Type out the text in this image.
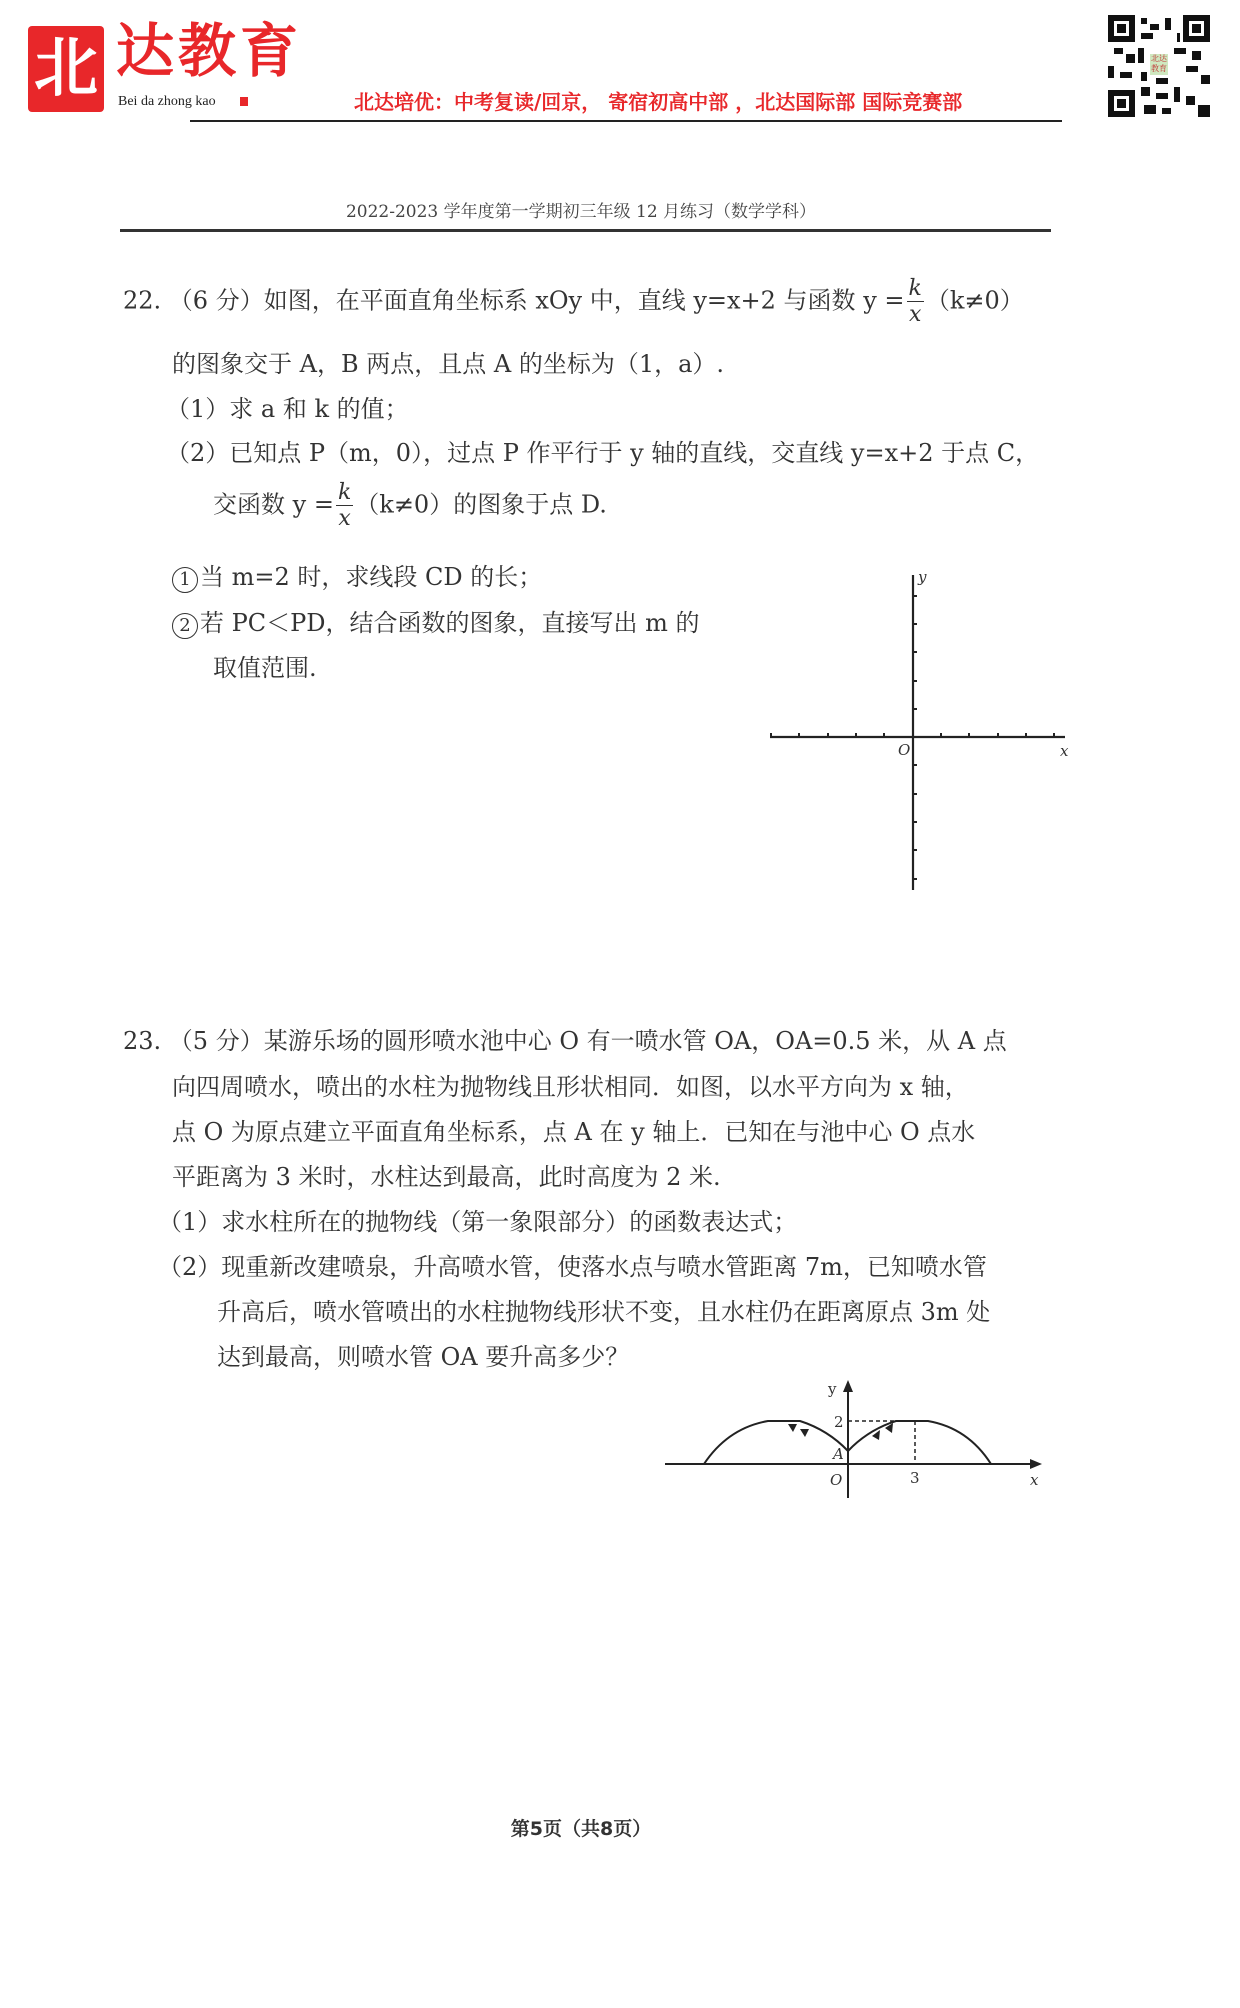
北 达教育
Bei da zhong kao	北达培优：中考复读/回京， 寄宿初高中部 ，北达国际部 国际竞赛部
北达教育
2022-2023 学年度第一学期初三年级 12 月练习（数学学科）
22. （6 分）如图，在平面直角坐标系 xOy 中，直线 y=x+2 与函数 $y = \frac{k}{x} (k\ne 0)$
的图象交于 A，B 两点，且点 A 的坐标为（1，a）.
（1）求 a 和 k 的值；
（2）已知点 P（m，0），过点 P 作平行于 y 轴的直线，交直线 y=x+2 于点 C，
交函数 $y = \frac{k}{x} (k\ne 0)$的图象于点 D.
1 当 m=2 时，求线段 CD 的长；
2 若 PC＜PD，结合函数的图象，直接写出 m 的
取值范围.
y
x
O
23. （5 分）某游乐场的圆形喷水池中心 O 有一喷水管 OA，OA=0.5 米，从 A 点
向四周喷水，喷出的水柱为抛物线且形状相同．如图，以水平方向为 x 轴，
点 O 为原点建立平面直角坐标系，点 A 在 y 轴上．已知在与池中心 O 点水
平距离为 3 米时，水柱达到最高，此时高度为 2 米.
（1）求水柱所在的抛物线（第一象限部分）的函数表达式；
（2）现重新改建喷泉，升高喷水管，使落水点与喷水管距离 7m，已知喷水管
升高后，喷水管喷出的水柱抛物线形状不变，且水柱仍在距离原点 3m 处
达到最高，则喷水管 OA 要升高多少？
y
2
A
O	3	x
第5页（共8页）
